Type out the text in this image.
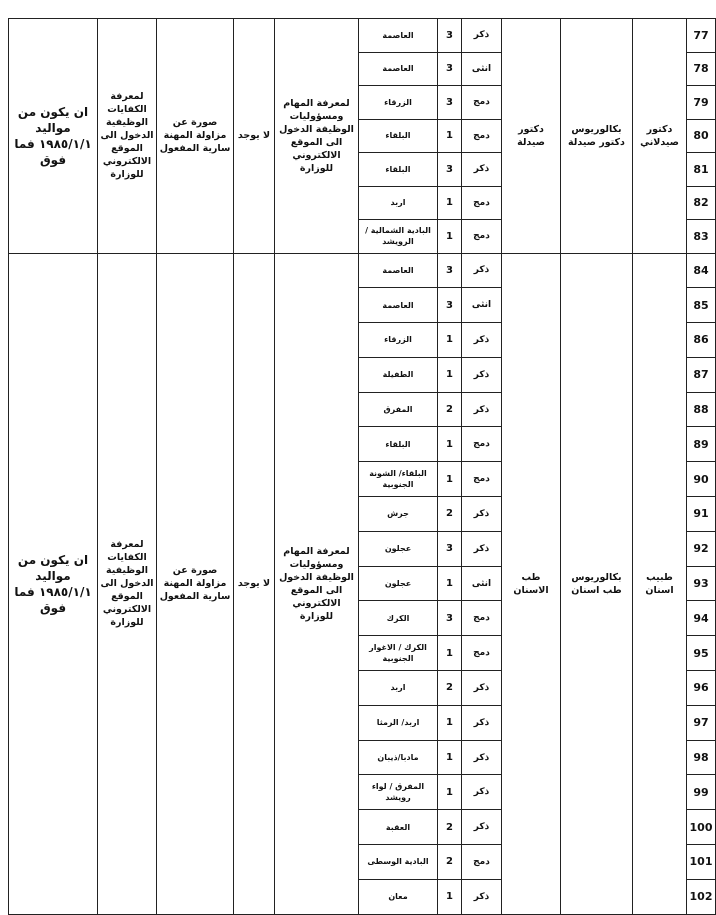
77	دكتور صيدلاني	بكالوريوس دكتور صيدلة	دكتور صيدلة	ذكر	3	العاصمة	لمعرفة المهام ومسؤوليات الوظيفة الدخول الى الموقع الالكتروني للوزارة	لا يوجد	صورة عن مزاولة المهنة سارية المفعول	لمعرفة الكفايات الوظيفية الدخول الى الموقع الالكتروني للوزارة	ان يكون من مواليد ١٩٨٥/١/١ فما فوق
78				انثى	3	العاصمة					
79				دمج	3	الزرقاء					
80				دمج	1	البلقاء					
81				ذكر	3	البلقاء					
82				دمج	1	اربد					
83				دمج	1	البادية الشمالية / الرويشد					
84	طبيب اسنان	بكالوريوس طب اسنان	طب الاسنان	ذكر	3	العاصمة	لمعرفة المهام ومسؤوليات الوظيفة الدخول الى الموقع الالكتروني للوزارة	لا يوجد	صورة عن مزاولة المهنة سارية المفعول	لمعرفة الكفايات الوظيفية الدخول الى الموقع الالكتروني للوزارة	ان يكون من مواليد ١٩٨٥/١/١ فما فوق
85				انثى	3	العاصمة					
86				ذكر	1	الزرقاء					
87				ذكر	1	الطفيلة					
88				ذكر	2	المفرق					
89				دمج	1	البلقاء					
90				دمج	1	البلقاء/ الشونة الجنوبية					
91				ذكر	2	جرش					
92				ذكر	3	عجلون					
93				انثى	1	عجلون					
94				دمج	3	الكرك					
95				دمج	1	الكرك / الاغوار الجنوبية					
96				ذكر	2	اربد					
97				ذكر	1	اربد/ الرمثا					
98				ذكر	1	مادبا/ذيبان					
99				ذكر	1	المفرق / لواء رويشد					
100				ذكر	2	العقبة					
101				دمج	2	البادية الوسطى					
102				ذكر	1	معان					
